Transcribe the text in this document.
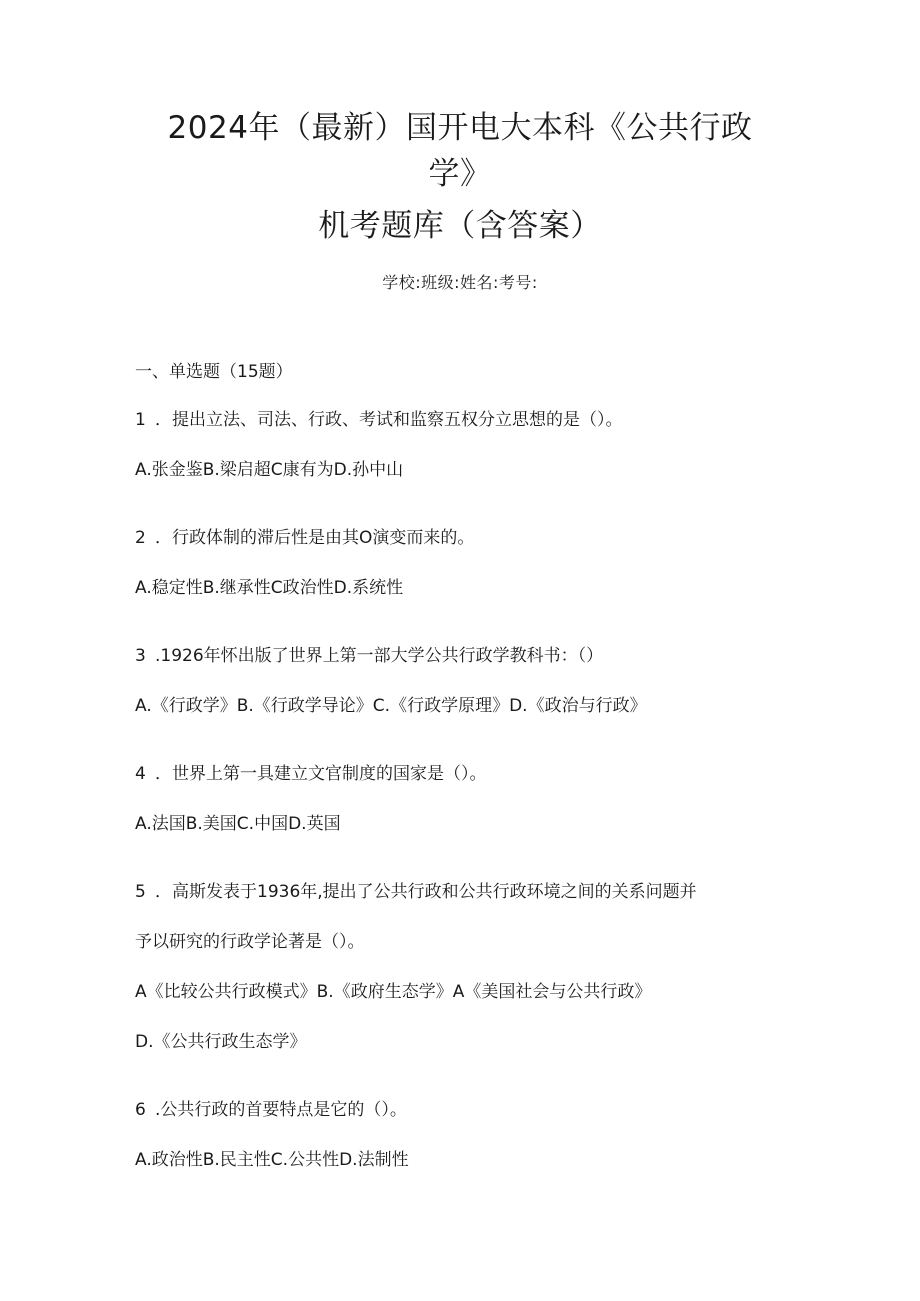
2024年（最新）国开电大本科《公共行政
学》
机考题库（含答案）
学校:班级:姓名:考号:
一、单选题（15题）
1 ．提出立法、司法、行政、考试和监察五权分立思想的是（）。
A.张金鉴B.梁启超C康有为D.孙中山
2 ．行政体制的滞后性是由其O演变而来的。
A.稳定性B.继承性C政治性D.系统性
3 .1926年怀出版了世界上第一部大学公共行政学教科书：（）
A.《行政学》B.《行政学导论》C.《行政学原理》D.《政治与行政》
4 ．世界上第一具建立文官制度的国家是（）。
A.法国B.美国C.中国D.英国
5 ．高斯发表于1936年,提出了公共行政和公共行政环境之间的关系问题并
予以研究的行政学论著是（）。
A《比较公共行政模式》B.《政府生态学》A《美国社会与公共行政》
D.《公共行政生态学》
6 .公共行政的首要特点是它的（）。
A.政治性B.民主性C.公共性D.法制性
